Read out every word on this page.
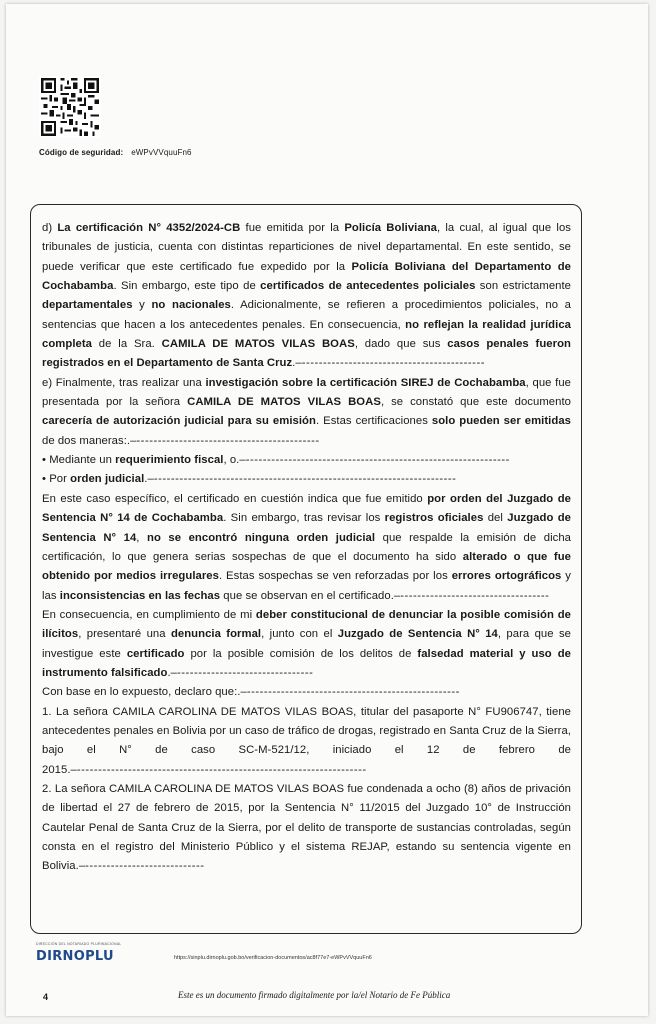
Código de seguridad: eWPvVVquuFn6

d) La certificación N° 4352/2024-CB fue emitida por la Policía Boliviana, la cual, al igual que los tribunales de justicia, cuenta con distintas reparticiones de nivel departamental. En este sentido, se puede verificar que este certificado fue expedido por la Policía Boliviana del Departamento de Cochabamba. Sin embargo, este tipo de certificados de antecedentes policiales son estrictamente departamentales y no nacionales. Adicionalmente, se refieren a procedimientos policiales, no a sentencias que hacen a los antecedentes penales. En consecuencia, no reflejan la realidad jurídica completa de la Sra. CAMILA DE MATOS VILAS BOAS, dado que sus casos penales fueron registrados en el Departamento de Santa Cruz.–-------------------------------------------

e) Finalmente, tras realizar una investigación sobre la certificación SIREJ de Cochabamba, que fue presentada por la señora CAMILA DE MATOS VILAS BOAS, se constató que este documento carecería de autorización judicial para su emisión. Estas certificaciones solo pueden ser emitidas de dos maneras:.–-------------------------------------------

• Mediante un requerimiento fiscal, o.–--------------------------------------------------------------

• Por orden judicial.–-----------------------------------------------------------------------

En este caso específico, el certificado en cuestión indica que fue emitido por orden del Juzgado de Sentencia N° 14 de Cochabamba. Sin embargo, tras revisar los registros oficiales del Juzgado de Sentencia N° 14, no se encontró ninguna orden judicial que respalde la emisión de dicha certificación, lo que genera serias sospechas de que el documento ha sido alterado o que fue obtenido por medios irregulares. Estas sospechas se ven reforzadas por los errores ortográficos y las inconsistencias en las fechas que se observan en el certificado.–-----------------------------------

En consecuencia, en cumplimiento de mi deber constitucional de denunciar la posible comisión de ilícitos, presentaré una denuncia formal, junto con el Juzgado de Sentencia N° 14, para que se investigue este certificado por la posible comisión de los delitos de falsedad material y uso de instrumento falsificado.–--------------------------------

Con base en lo expuesto, declaro que:.–--------------------------------------------------

1. La señora CAMILA CAROLINA DE MATOS VILAS BOAS, titular del pasaporte N° FU906747, tiene antecedentes penales en Bolivia por un caso de tráfico de drogas, registrado en Santa Cruz de la Sierra, bajo el N° de caso SC-M-521/12, iniciado el 12 de febrero de 2015.–--------------------------------------------------------------------

2. La señora CAMILA CAROLINA DE MATOS VILAS BOAS fue condenada a ocho (8) años de privación de libertad el 27 de febrero de 2015, por la Sentencia N° 11/2015 del Juzgado 10° de Instrucción Cautelar Penal de Santa Cruz de la Sierra, por el delito de transporte de sustancias controladas, según consta en el registro del Ministerio Público y el sistema REJAP, estando su sentencia vigente en Bolivia.–----------------------------

DIRECCIÓN DEL NOTARIADO PLURINACIONAL
DIRNOPLU	https://sinplu.dirnoplu.gob.bo/verificacion-documentos/ac8f77e7-eWPvVVquuFn6
4	Este es un documento firmado digitalmente por la/el Notario de Fe Pública
